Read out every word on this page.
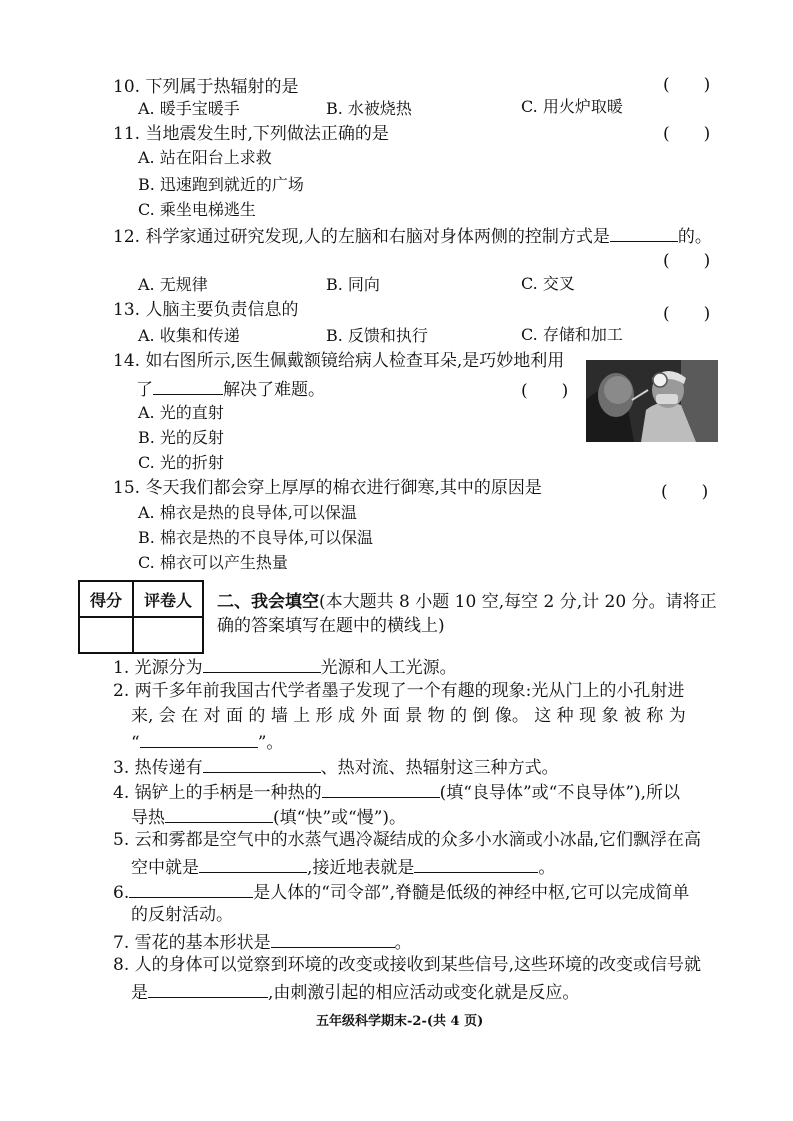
10. 下列属于热辐射的是	(　　)
A. 暖手宝暖手	B. 水被烧热	C. 用火炉取暖
11. 当地震发生时,下列做法正确的是	(　　)
A. 站在阳台上求救
B. 迅速跑到就近的广场
C. 乘坐电梯逃生
12. 科学家通过研究发现,人的左脑和右脑对身体两侧的控制方式是	的。
(　　)
A. 无规律	B. 同向	C. 交叉
13. 人脑主要负责信息的	(　　)
A. 收集和传递	B. 反馈和执行	C. 存储和加工
14. 如右图所示,医生佩戴额镜给病人检查耳朵,是巧妙地利用
了	解决了难题。	(　　)
A. 光的直射
B. 光的反射
C. 光的折射
15. 冬天我们都会穿上厚厚的棉衣进行御寒,其中的原因是	(　　)
A. 棉衣是热的良导体,可以保温
B. 棉衣是热的不良导体,可以保温
C. 棉衣可以产生热量
得分	评卷人
	二、我会填空(本大题共 8 小题 10 空,每空 2 分,计 20 分。请将正
确的答案填写在题中的横线上)
1. 光源分为	光源和人工光源。
2. 两千多年前我国古代学者墨子发现了一个有趣的现象:光从门上的小孔射进
来, 会 在 对 面 的 墙 上 形 成 外 面 景 物 的 倒 像。 这 种 现 象 被 称 为
“	”。
3. 热传递有	、热对流、热辐射这三种方式。
4. 锅铲上的手柄是一种热的	(填“良导体”或“不良导体”),所以
导热	(填“快”或“慢”)。
5. 云和雾都是空气中的水蒸气遇冷凝结成的众多小水滴或小冰晶,它们飘浮在高
空中就是	,接近地表就是	。
6.	是人体的“司令部”,脊髓是低级的神经中枢,它可以完成简单
的反射活动。
7. 雪花的基本形状是	。
8. 人的身体可以觉察到环境的改变或接收到某些信号,这些环境的改变或信号就
是	,由刺激引起的相应活动或变化就是反应。
五年级科学期末-2-(共 4 页)
